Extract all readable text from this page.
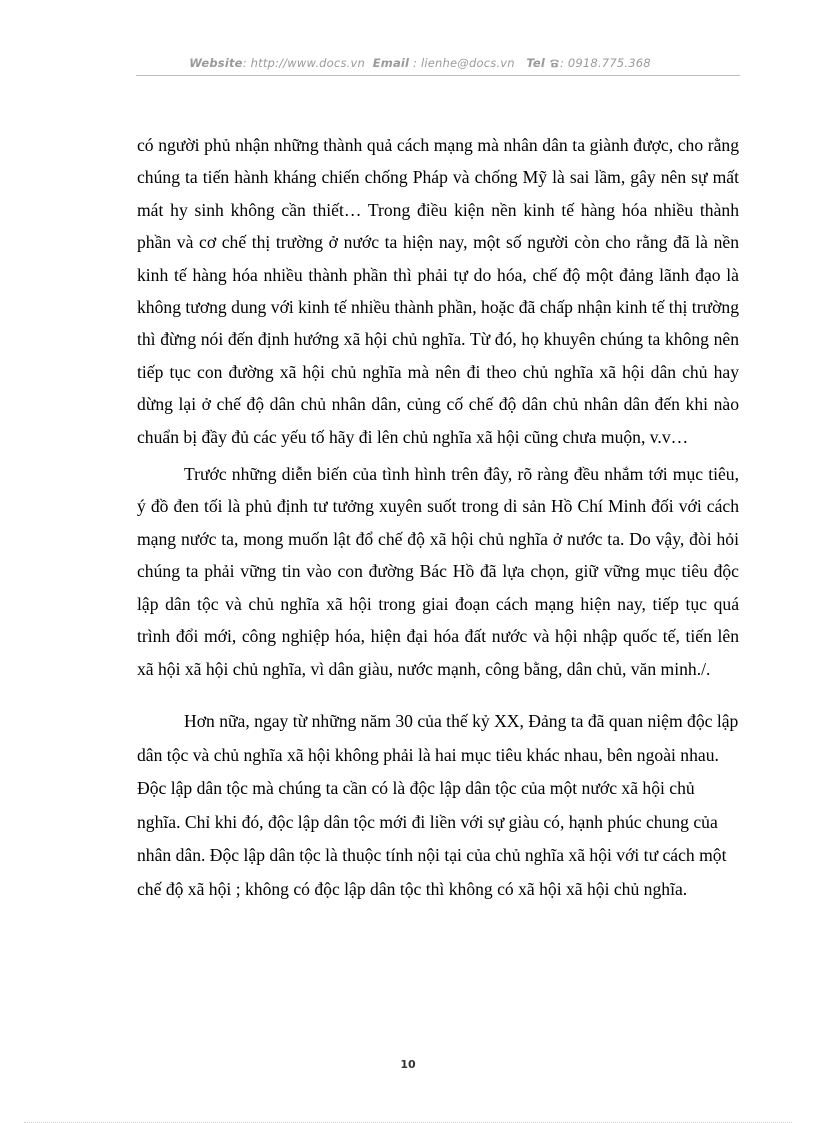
Website: http://www.docs.vn Email : lienhe@docs.vn Tel : 0918.775.368

có người phủ nhận những thành quả cách mạng mà nhân dân ta giành được, cho rằng chúng ta tiến hành kháng chiến chống Pháp và chống Mỹ là sai lầm, gây nên sự mất mát hy sinh không cần thiết… Trong điều kiện nền kinh tế hàng hóa nhiều thành phần và cơ chế thị trường ở nước ta hiện nay, một số người còn cho rằng đã là nền kinh tế hàng hóa nhiều thành phần thì phải tự do hóa, chế độ một đảng lãnh đạo là không tương dung với kinh tế nhiều thành phần, hoặc đã chấp nhận kinh tế thị trường thì đừng nói đến định hướng xã hội chủ nghĩa. Từ đó, họ khuyên chúng ta không nên tiếp tục con đường xã hội chủ nghĩa mà nên đi theo chủ nghĩa xã hội dân chủ hay dừng lại ở chế độ dân chủ nhân dân, củng cố chế độ dân chủ nhân dân đến khi nào chuẩn bị đầy đủ các yếu tố hãy đi lên chủ nghĩa xã hội cũng chưa muộn, v.v…

Trước những diễn biến của tình hình trên đây, rõ ràng đều nhắm tới mục tiêu, ý đồ đen tối là phủ định tư tưởng xuyên suốt trong di sản Hồ Chí Minh đối với cách mạng nước ta, mong muốn lật đổ chế độ xã hội chủ nghĩa ở nước ta. Do vậy, đòi hỏi chúng ta phải vững tin vào con đường Bác Hồ đã lựa chọn, giữ vững mục tiêu độc lập dân tộc và chủ nghĩa xã hội trong giai đoạn cách mạng hiện nay, tiếp tục quá trình đổi mới, công nghiệp hóa, hiện đại hóa đất nước và hội nhập quốc tế, tiến lên xã hội xã hội chủ nghĩa, vì dân giàu, nước mạnh, công bằng, dân chủ, văn minh./.

Hơn nữa, ngay từ những năm 30 của thế kỷ XX, Đảng ta đã quan niệm độc lập dân tộc và chủ nghĩa xã hội không phải là hai mục tiêu khác nhau, bên ngoài nhau. Độc lập dân tộc mà chúng ta cần có là độc lập dân tộc của một nước xã hội chủ nghĩa. Chỉ khi đó, độc lập dân tộc mới đi liền với sự giàu có, hạnh phúc chung của nhân dân. Độc lập dân tộc là thuộc tính nội tại của chủ nghĩa xã hội với tư cách một chế độ xã hội ; không có độc lập dân tộc thì không có xã hội xã hội chủ nghĩa.

10
